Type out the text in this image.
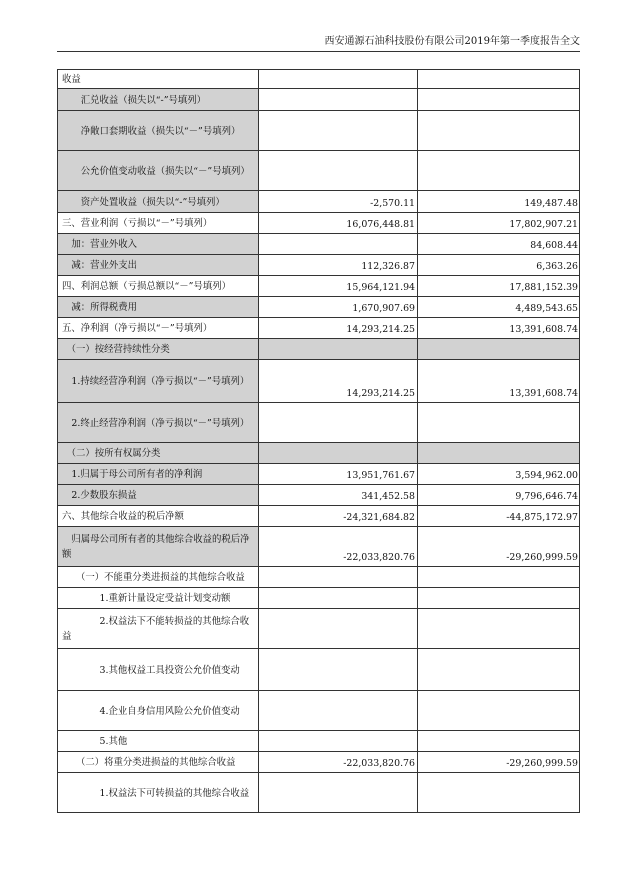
西安通源石油科技股份有限公司2019年第一季度报告全文
收益		
　　汇兑收益（损失以“-”号填列）		
　　净敞口套期收益（损失以“－”号填列）		
　　公允价值变动收益（损失以“－”号填列）		
　　资产处置收益（损失以“-”号填列）	-2,570.11	149,487.48
三、营业利润（亏损以“－”号填列）	16,076,448.81	17,802,907.21
　加：营业外收入		84,608.44
　减：营业外支出	112,326.87	6,363.26
四、利润总额（亏损总额以“－”号填列）	15,964,121.94	17,881,152.39
　减：所得税费用	1,670,907.69	4,489,543.65
五、净利润（净亏损以“－”号填列）	14,293,214.25	13,391,608.74
　（一）按经营持续性分类		
　1.持续经营净利润（净亏损以“－”号填列）	14,293,214.25	13,391,608.74
　2.终止经营净利润（净亏损以“－”号填列）		
　（二）按所有权属分类		
　1.归属于母公司所有者的净利润	13,951,761.67	3,594,962.00
　2.少数股东损益	341,452.58	9,796,646.74
六、其他综合收益的税后净额	-24,321,684.82	-44,875,172.97
　归属母公司所有者的其他综合收益的税后净额	-22,033,820.76	-29,260,999.59
　　（一）不能重分类进损益的其他综合收益		
　　　　1.重新计量设定受益计划变动额		
　　　　2.权益法下不能转损益的其他综合收益		
　　　　3.其他权益工具投资公允价值变动		
　　　　4.企业自身信用风险公允价值变动		
　　　　5.其他		
　　（二）将重分类进损益的其他综合收益	-22,033,820.76	-29,260,999.59
　　　　1.权益法下可转损益的其他综合收益		
